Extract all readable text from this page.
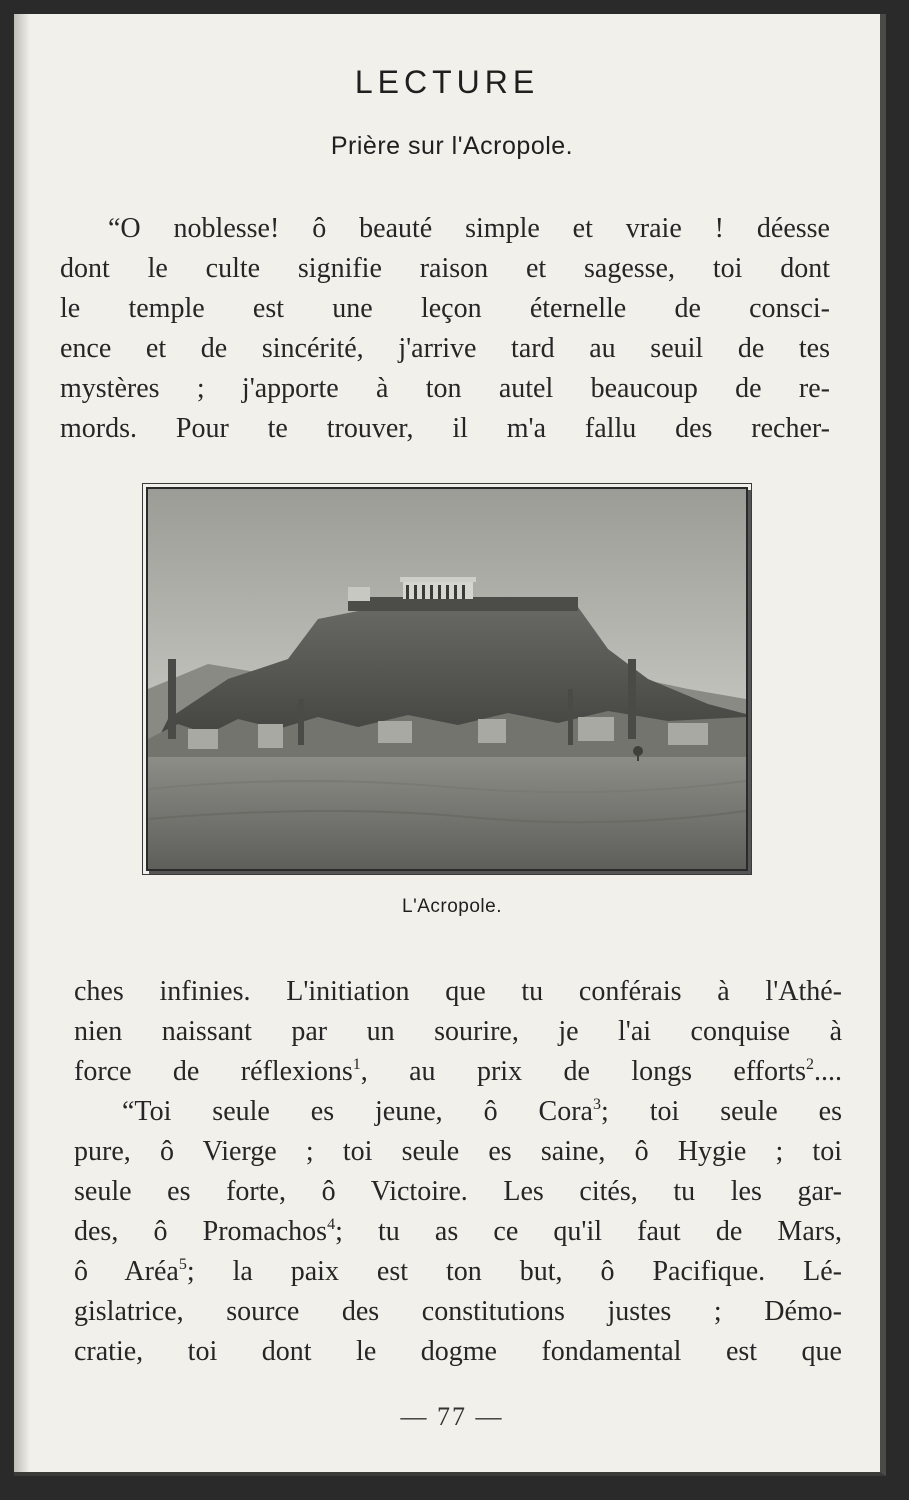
LECTURE
Prière sur l'Acropole.
“O noblesse! ô beauté simple et vraie ! déesse
dont le culte signifie raison et sagesse, toi dont
le temple est une leçon éternelle de consci-
ence et de sincérité, j'arrive tard au seuil de tes
mystères ; j'apporte à ton autel beaucoup de re-
mords. Pour te trouver, il m'a fallu des recher-
L'Acropole.
ches infinies. L'initiation que tu conférais à l'Athé-
nien naissant par un sourire, je l'ai conquise à
force de réflexions$^1$, au prix de longs efforts$^2$....
“Toi seule es jeune, ô Cora$^3$; toi seule es
pure, ô Vierge ; toi seule es saine, ô Hygie ; toi
seule es forte, ô Victoire. Les cités, tu les gar-
des, ô Promachos$^4$; tu as ce qu'il faut de Mars,
ô Aréa$^5$; la paix est ton but, ô Pacifique. Lé-
gislatrice, source des constitutions justes ; Démo-
cratie, toi dont le dogme fondamental est que
— 77 —
